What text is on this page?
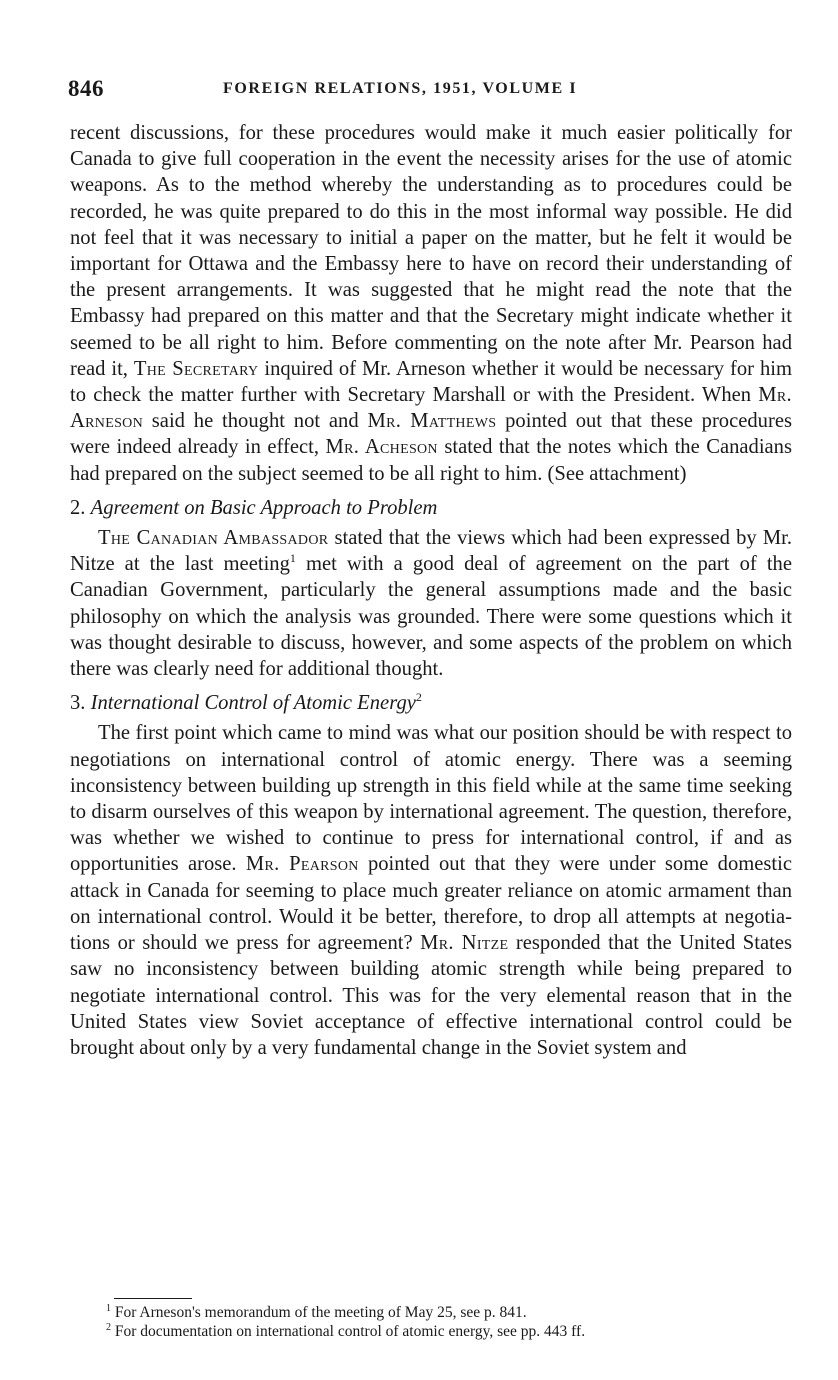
846	FOREIGN RELATIONS, 1951, VOLUME I

recent discussions, for these procedures would make it much easier politically for Canada to give full cooperation in the event the necessity arises for the use of atomic weapons. As to the method whereby the understanding as to procedures could be recorded, he was quite prepared to do this in the most informal way possible. He did not feel that it was necessary to initial a paper on the matter, but he felt it would be important for Ottawa and the Embassy here to have on record their understanding of the present arrangements. It was suggested that he might read the note that the Embassy had prepared on this matter and that the Secretary might indicate whether it seemed to be all right to him. Before commenting on the note after Mr. Pearson had read it, The Secretary inquired of Mr. Arneson whether it would be necessary for him to check the matter further with Secretary Marshall or with the President. When Mr. Arneson said he thought not and Mr. Matthews pointed out that these procedures were indeed already in effect, Mr. Acheson stated that the notes which the Canadians had prepared on the subject seemed to be all right to him. (See attachment)

2. Agreement on Basic Approach to Problem

The Canadian Ambassador stated that the views which had been expressed by Mr. Nitze at the last meeting$^1$ met with a good deal of agreement on the part of the Canadian Government, particularly the general assumptions made and the basic philosophy on which the analysis was grounded. There were some questions which it was thought desirable to discuss, however, and some aspects of the problem on which there was clearly need for additional thought.

3. International Control of Atomic Energy$^2$

The first point which came to mind was what our position should be with respect to negotiations on international control of atomic energy. There was a seeming inconsistency between building up strength in this field while at the same time seeking to disarm ourselves of this weapon by international agreement. The question, therefore, was whether we wished to continue to press for international control, if and as opportunities arose. Mr. Pearson pointed out that they were under some domestic attack in Canada for seeming to place much greater reliance on atomic armament than on international control. Would it be better, therefore, to drop all attempts at negotiations or should we press for agreement? Mr. Nitze responded that the United States saw no inconsistency between building atomic strength while being prepared to negotiate international control. This was for the very elemental reason that in the United States view Soviet acceptance of effective international control could be brought about only by a very fundamental change in the Soviet system and

$^1$ For Arneson's memorandum of the meeting of May 25, see p. 841.
$^2$ For documentation on international control of atomic energy, see pp. 443 ff.
